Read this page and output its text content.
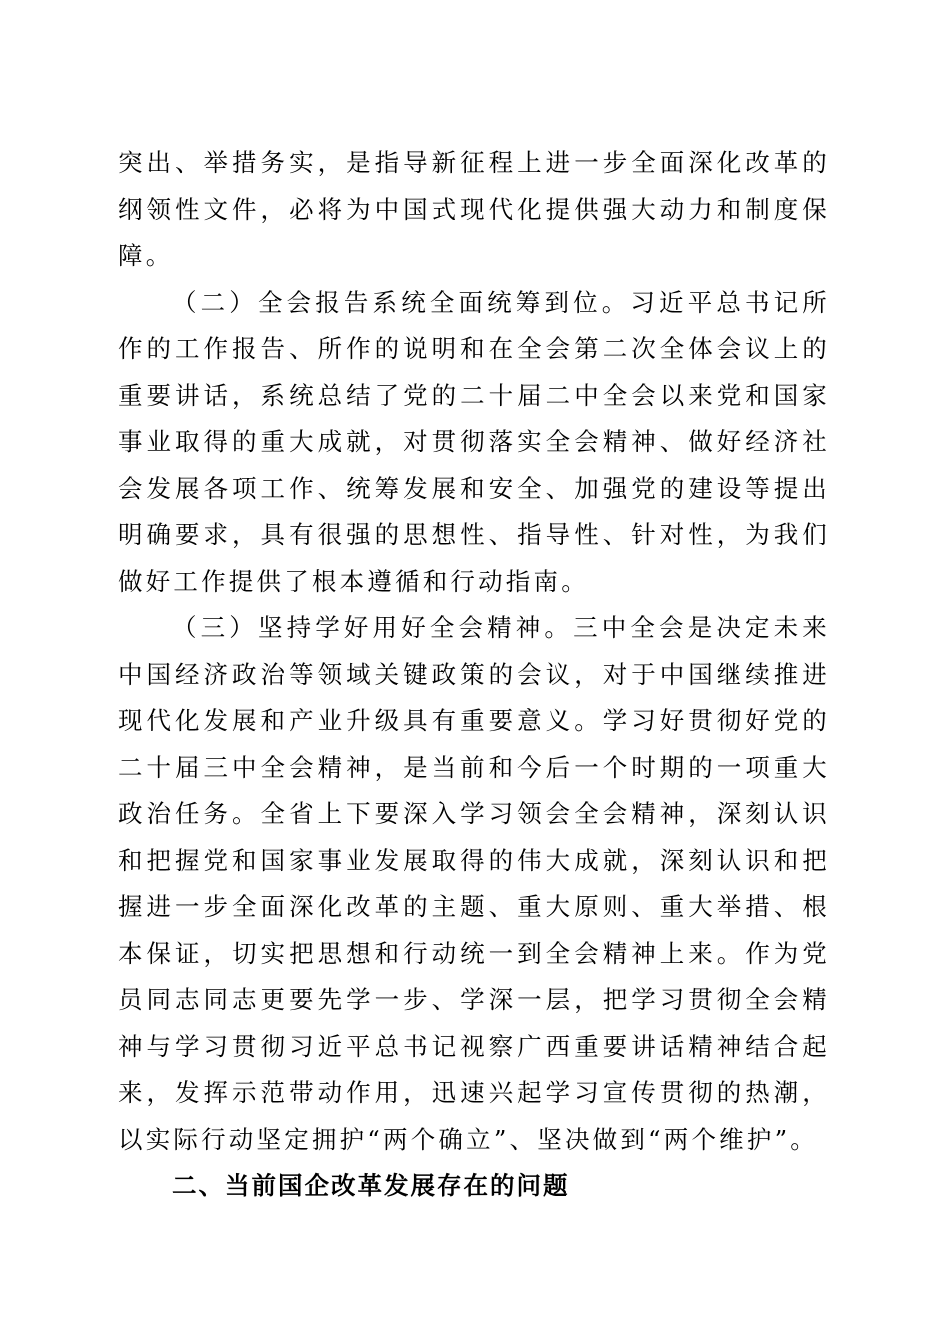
突出、举措务实，是指导新征程上进一步全面深化改革的纲领性文件，必将为中国式现代化提供强大动力和制度保障。

（二）全会报告系统全面统筹到位。习近平总书记所作的工作报告、所作的说明和在全会第二次全体会议上的重要讲话，系统总结了党的二十届二中全会以来党和国家事业取得的重大成就，对贯彻落实全会精神、做好经济社会发展各项工作、统筹发展和安全、加强党的建设等提出明确要求，具有很强的思想性、指导性、针对性，为我们做好工作提供了根本遵循和行动指南。

（三）坚持学好用好全会精神。三中全会是决定未来中国经济政治等领域关键政策的会议，对于中国继续推进现代化发展和产业升级具有重要意义。学习好贯彻好党的二十届三中全会精神，是当前和今后一个时期的一项重大政治任务。全省上下要深入学习领会全会精神，深刻认识和把握党和国家事业发展取得的伟大成就，深刻认识和把握进一步全面深化改革的主题、重大原则、重大举措、根本保证，切实把思想和行动统一到全会精神上来。作为党员同志同志更要先学一步、学深一层，把学习贯彻全会精神与学习贯彻习近平总书记视察广西重要讲话精神结合起来，发挥示范带动作用，迅速兴起学习宣传贯彻的热潮，以实际行动坚定拥护“两个确立”、坚决做到“两个维护”。

二、当前国企改革发展存在的问题
